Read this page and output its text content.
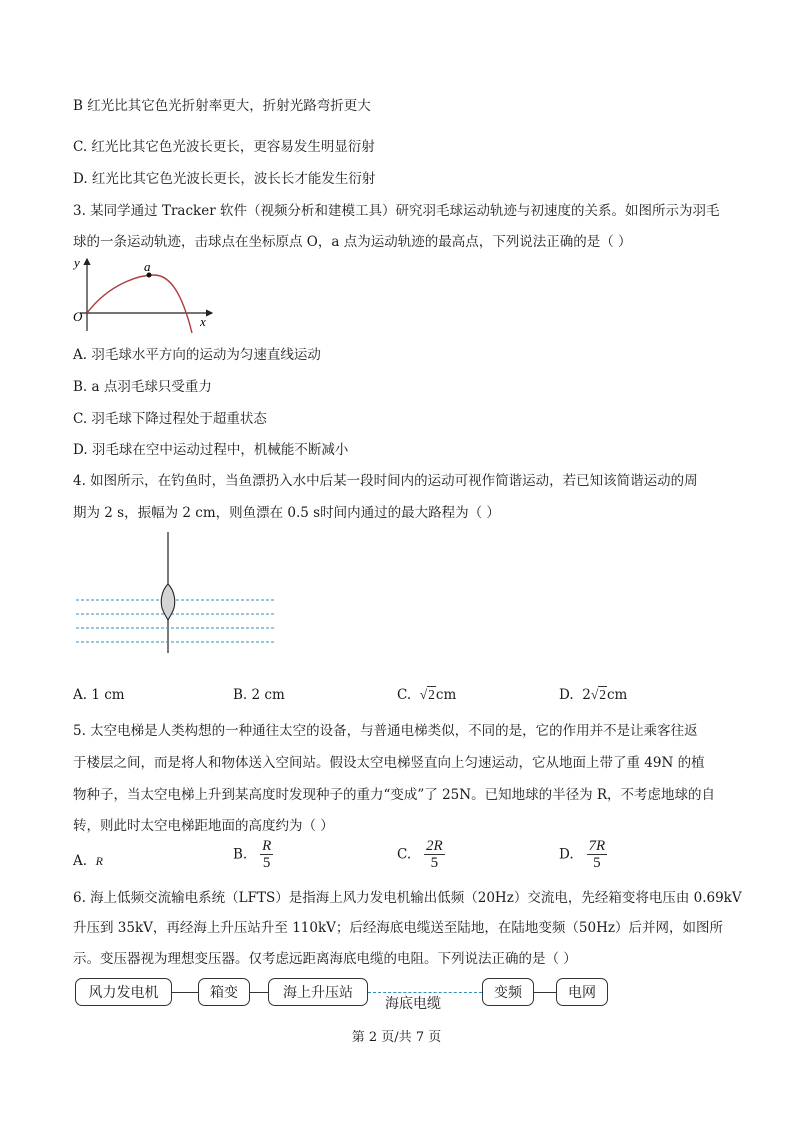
B 红光比其它色光折射率更大，折射光路弯折更大
C. 红光比其它色光波长更长，更容易发生明显衍射
D. 红光比其它色光波长更长，波长长才能发生衍射
3. 某同学通过 Tracker 软件（视频分析和建模工具）研究羽毛球运动轨迹与初速度的关系。如图所示为羽毛
球的一条运动轨迹，击球点在坐标原点 O，a 点为运动轨迹的最高点，下列说法正确的是（ ）
y
x
O
a
A. 羽毛球水平方向的运动为匀速直线运动
B. a 点羽毛球只受重力
C. 羽毛球下降过程处于超重状态
D. 羽毛球在空中运动过程中，机械能不断减小
4. 如图所示，在钓鱼时，当鱼漂扔入水中后某一段时间内的运动可视作简谐运动，若已知该简谐运动的周
期为 2 s，振幅为 2 cm，则鱼漂在 0.5 s时间内通过的最大路程为（ ）
A. 1 cm	B. 2 cm	C. √2cm	D. 2√2cm
5. 太空电梯是人类构想的一种通往太空的设备，与普通电梯类似，不同的是，它的作用并不是让乘客往返
于楼层之间，而是将人和物体送入空间站。假设太空电梯竖直向上匀速运动，它从地面上带了重 49N 的植
物种子，当太空电梯上升到某高度时发现种子的重力“变成”了 25N。已知地球的半径为 R，不考虑地球的自
转，则此时太空电梯距地面的高度约为（ ）
A. R	B. $\frac{R}{5}$	C. $\frac{2R}{5}$	D. $\frac{7R}{5}$
6. 海上低频交流输电系统（LFTS）是指海上风力发电机输出低频（20Hz）交流电，先经箱变将电压由 0.69kV
升压到 35kV，再经海上升压站升至 110kV；后经海底电缆送至陆地，在陆地变频（50Hz）后并网，如图所
示。变压器视为理想变压器。仅考虑远距离海底电缆的电阻。下列说法正确的是（ ）
风力发电机	箱变	海上升压站
海底电缆
变频	电网
第 2 页/共 7 页
